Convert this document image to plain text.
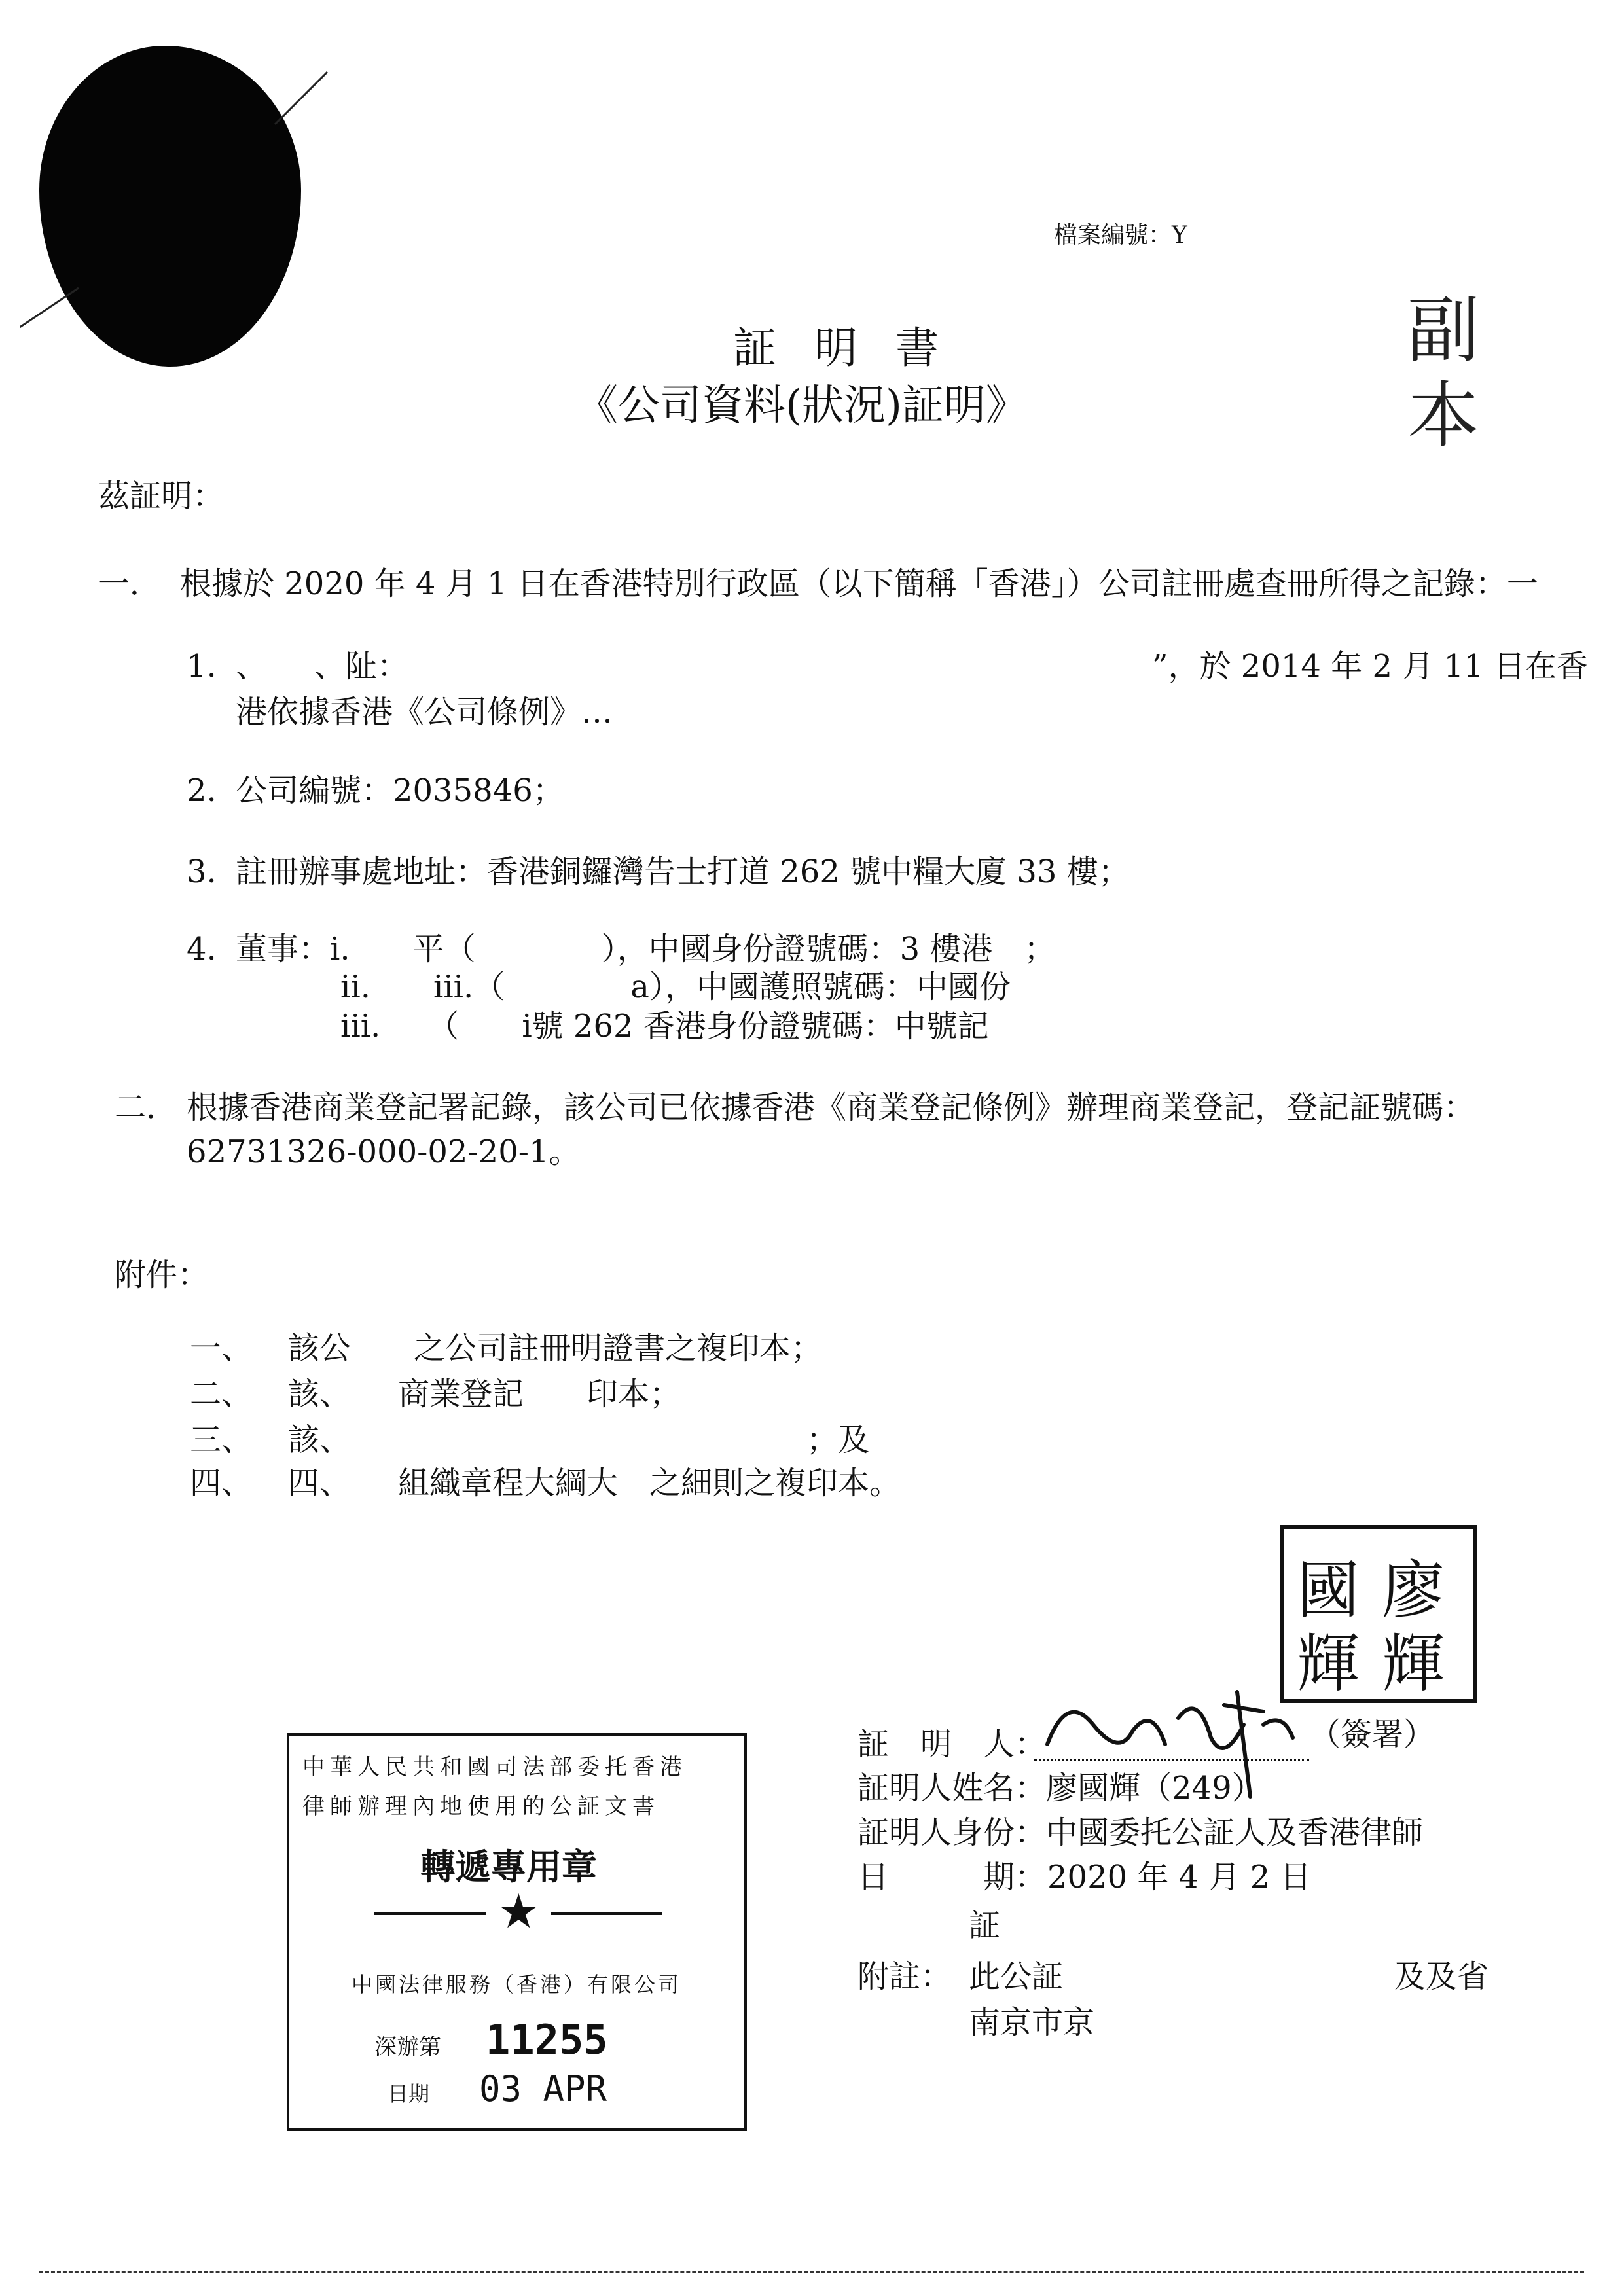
檔案編號：Y
副
本
証明書
《公司資料(狀況)証明》
茲証明：
一． 根據於 2020 年 4 月 1 日在香港特別行政區（以下簡稱「香港」）公司註冊處查冊所得之記錄：一
1. 、　　、阯：	”，於 2014 年 2 月 11 日在香
港依據香港《公司條例》…
2. 公司編號：2035846；
3. 註冊辦事處地址：香港銅鑼灣告士打道 262 號中糧大廈 33 樓；
4. 董事：i.　　平（　　　　），中國身份證號碼：3 樓港　；
ii.　　iii.（　　　　a），中國護照號碼：中國份
iii.　　（　　i號 262 香港身份證號碼：中號記
二． 根據香港商業登記署記錄，該公司已依據香港《商業登記條例》辦理商業登記，登記証號碼：
62731326-000-02-20-1。
附件：
一、 該公　　之公司註冊明證書之複印本；
二、 該、　　商業登記　　印本；
三、 該、　　　　　　　　　　　　　　　；及
四、 四、　　組織章程大綱大　之細則之複印本。
國 廖
輝 輝
中華人民共和國司法部委托香港
律師辦理內地使用的公証文書
轉遞專用章
★
中國法律服務（香港）有限公司
深辦第 11255
日期 03 APR
証　明　人：	（簽署）
証明人姓名：廖國輝（249）
証明人身份：中國委托公証人及香港律師
日　　　期： 2020 年 4 月 2 日
証
附註： 此公証	及及省
南京市京
